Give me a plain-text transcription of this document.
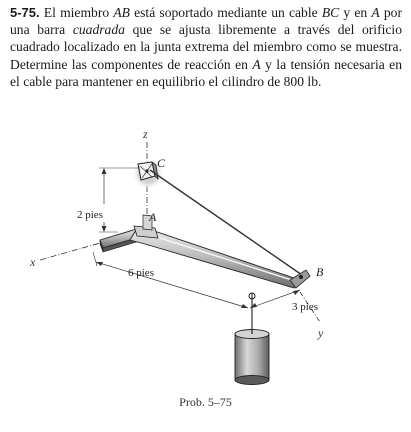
5-75. El miembro AB está soportado mediante un cable BC y en A por una barra cuadrada que se ajusta libremente a través del orificio cuadrado localizado en la junta extrema del miembro como se muestra. Determine las componentes de reacción en A y la tensión necesaria en el cable para mantener en equilibrio el cilindro de 800 lb.
z
x
y
C
2 pies	A
6 pies	B
3 pies
Prob. 5–75
